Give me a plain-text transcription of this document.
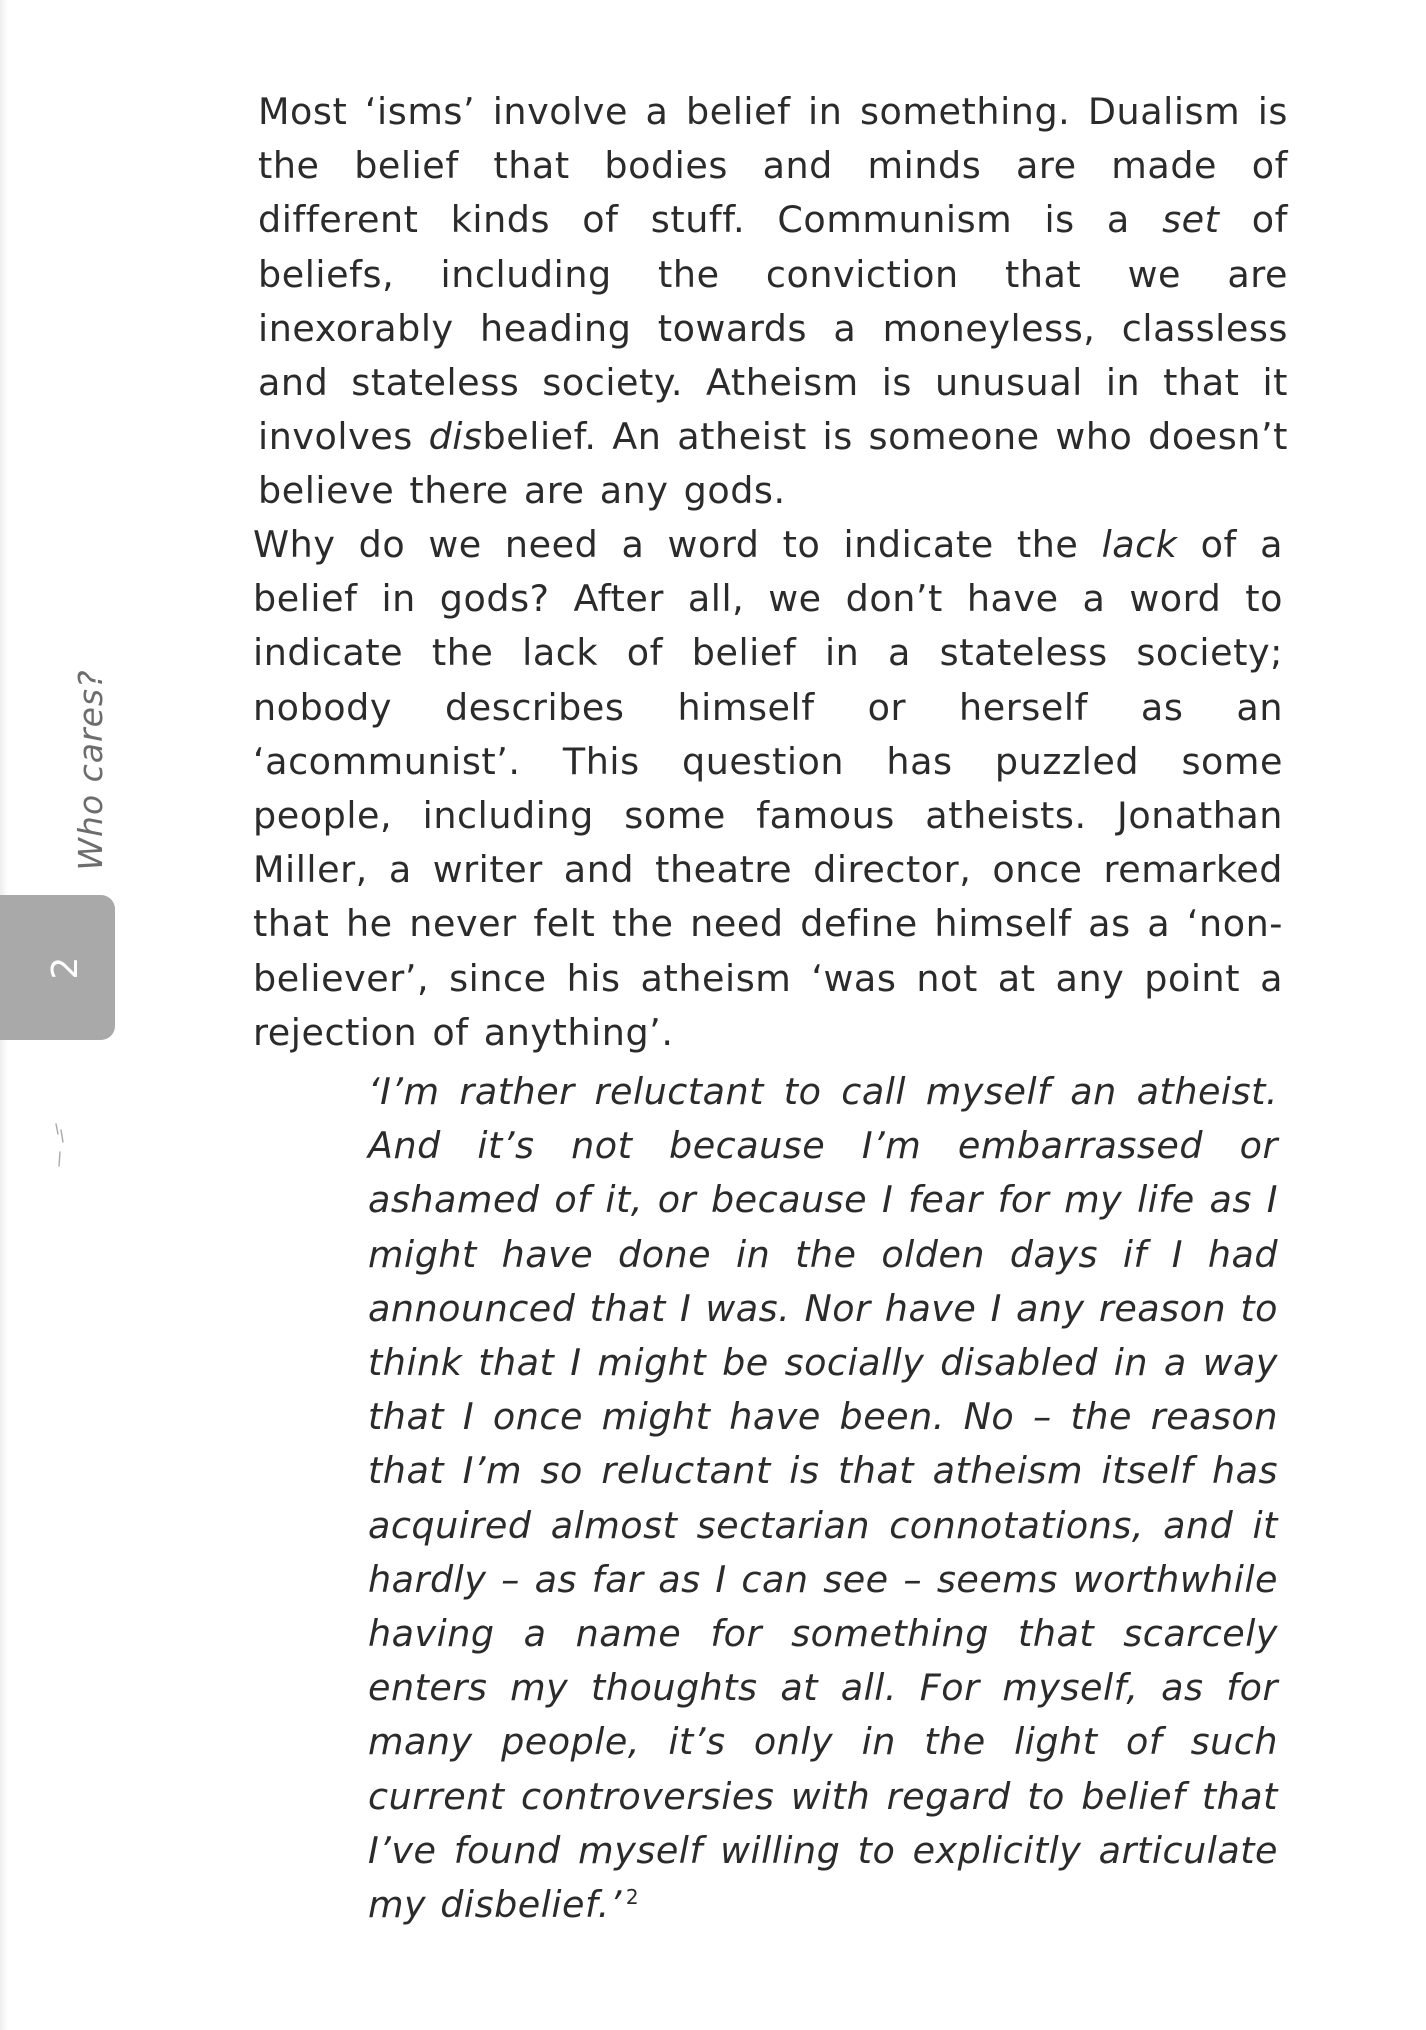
Who cares?
2

Most ‘isms’ involve a belief in something. Dualism is the belief that bodies and minds are made of different kinds of stuff. Communism is a set of beliefs, including the conviction that we are inexorably heading towards a moneyless, classless and stateless society. Atheism is unusual in that it involves disbelief. An atheist is someone who doesn’t believe there are any gods.

Why do we need a word to indicate the lack of a belief in gods? After all, we don’t have a word to indicate the lack of belief in a stateless society; nobody describes himself or herself as an ‘acommunist’. This question has puzzled some people, including some famous atheists. Jonathan Miller, a writer and theatre director, once remarked that he never felt the need define himself as a ‘non-believer’, since his atheism ‘was not at any point a rejection of anything’.

‘I’m rather reluctant to call myself an atheist. And it’s not because I’m embarrassed or ashamed of it, or because I fear for my life as I might have done in the olden days if I had announced that I was. Nor have I any reason to think that I might be socially disabled in a way that I once might have been. No – the reason that I’m so reluctant is that atheism itself has acquired almost sectarian connotations, and it hardly – as far as I can see – seems worthwhile having a name for something that scarcely enters my thoughts at all. For myself, as for many people, it’s only in the light of such current controversies with regard to belief that I’ve found myself willing to explicitly articulate my disbelief.’ $^2$
